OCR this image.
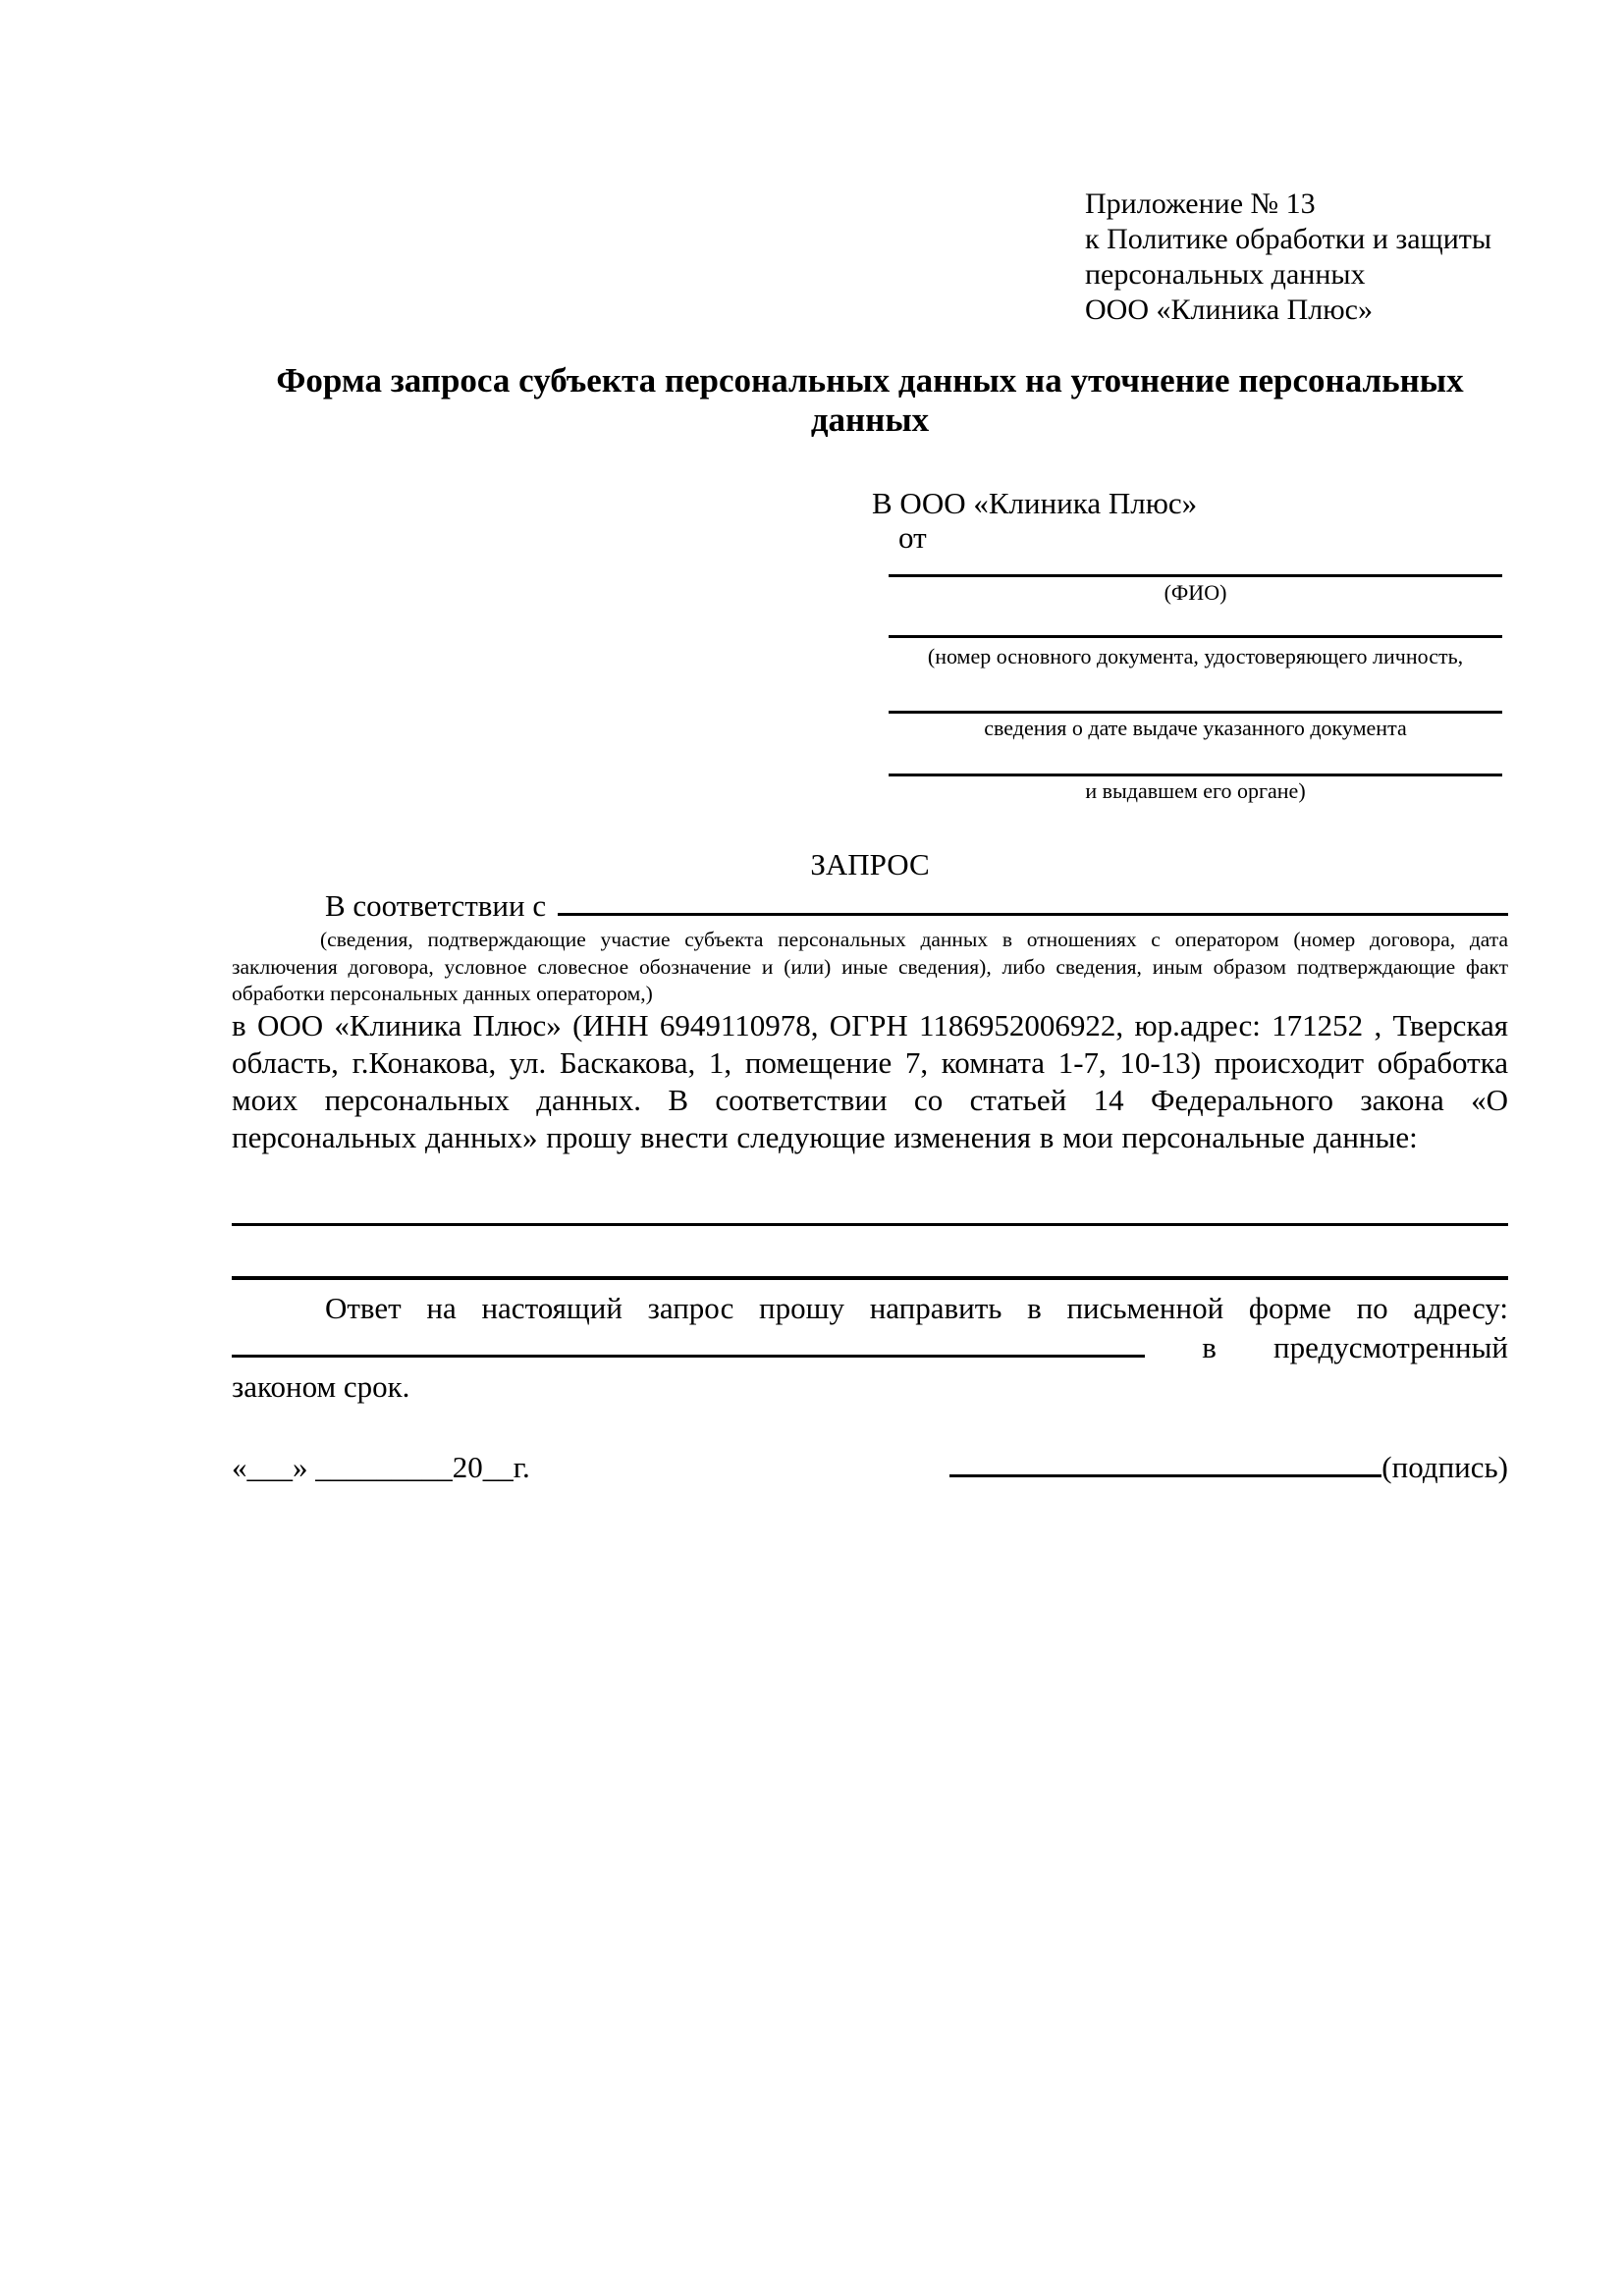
Приложение № 13
к Политике обработки и защиты
персональных данных
ООО «Клиника Плюс»
Форма запроса субъекта персональных данных на уточнение персональных данных
В ООО «Клиника Плюс»
от
(ФИО)
(номер основного документа, удостоверяющего личность,
сведения о дате выдаче указанного документа
и выдавшем его органе)
ЗАПРОС
В соответствии с
(сведения, подтверждающие участие субъекта персональных данных в отношениях с оператором (номер договора, дата заключения договора, условное словесное обозначение и (или) иные сведения), либо сведения, иным образом подтверждающие факт обработки персональных данных оператором,)
в ООО «Клиника Плюс» (ИНН 6949110978, ОГРН 1186952006922, юр.адрес: 171252 , Тверская область, г.Конакова, ул. Баскакова, 1, помещение 7, комната 1-7, 10-13) происходит обработка моих персональных данных. В соответствии со статьей 14 Федерального закона «О персональных данных» прошу внести следующие изменения в мои персональные данные:
Ответ на настоящий запрос прошу направить в письменной форме по адресу:  в предусмотренный законом срок.
«___» _________20__г.	(подпись)
